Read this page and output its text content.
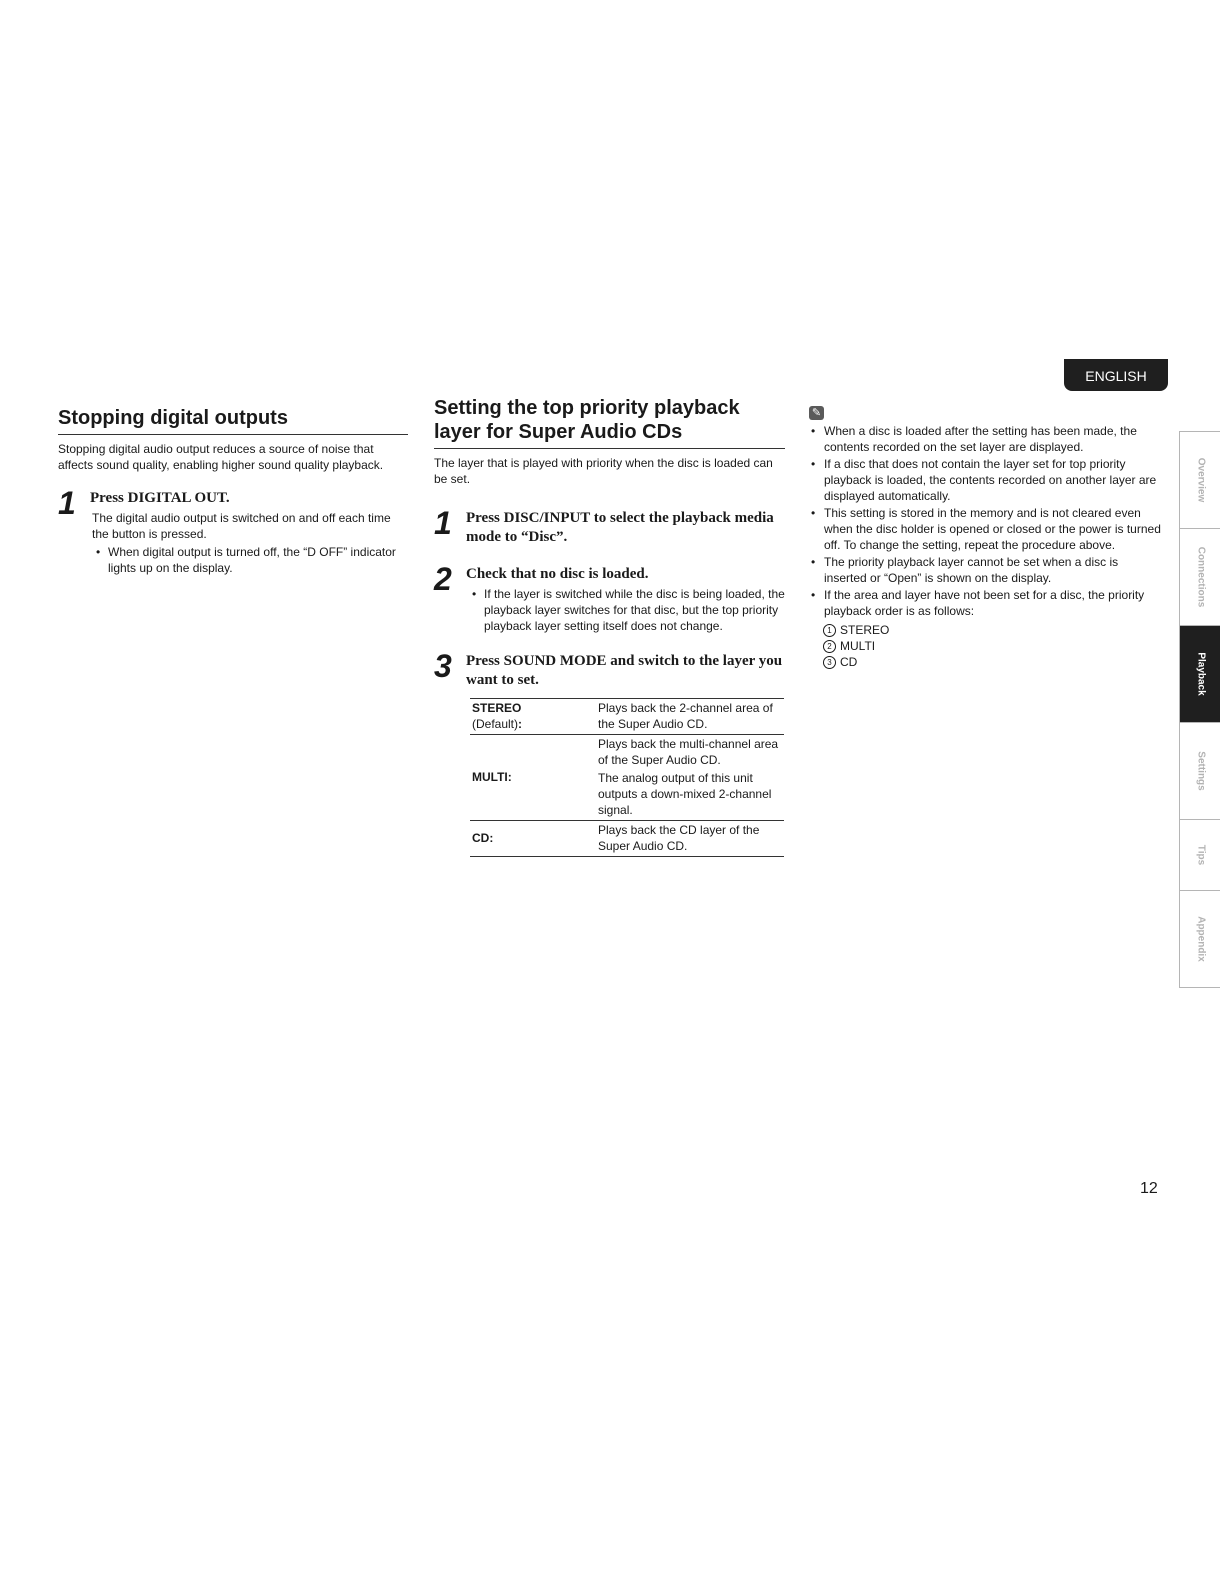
ENGLISH
Stopping digital outputs

Stopping digital audio output reduces a source of noise that affects sound quality, enabling higher sound quality playback.

1 Press DIGITAL OUT.

The digital audio output is switched on and off each time the button is pressed.

• When digital output is turned off, the “D OFF” indicator lights up on the display.
Setting the top priority playback layer for Super Audio CDs

The layer that is played with priority when the disc is loaded can be set.

1 Press DISC/INPUT to select the playback media mode to “Disc”.
2 Check that no disc is loaded.
• If the layer is switched while the disc is being loaded, the playback layer switches for that disc, but the top priority playback layer setting itself does not change.
3 Press SOUND MODE and switch to the layer you want to set.
STEREO
(Default):	Plays back the 2-channel area of the Super Audio CD.

MULTI:	Plays back the multi-channel area of the Super Audio CD.

The analog output of this unit outputs a down-mixed 2-channel signal.

CD:	Plays back the CD layer of the Super Audio CD.

✎
• When a disc is loaded after the setting has been made, the contents recorded on the set layer are displayed.
• If a disc that does not contain the layer set for top priority playback is loaded, the contents recorded on another layer are displayed automatically.
• This setting is stored in the memory and is not cleared even when the disc holder is opened or closed or the power is turned off. To change the setting, repeat the procedure above.
• The priority playback layer cannot be set when a disc is inserted or “Open” is shown on the display.
• If the area and layer have not been set for a disc, the priority playback order is as follows:
1 STEREO
2 MULTI
3 CD
Overview
Connections
Playback
Settings
Tips
Appendix
12
